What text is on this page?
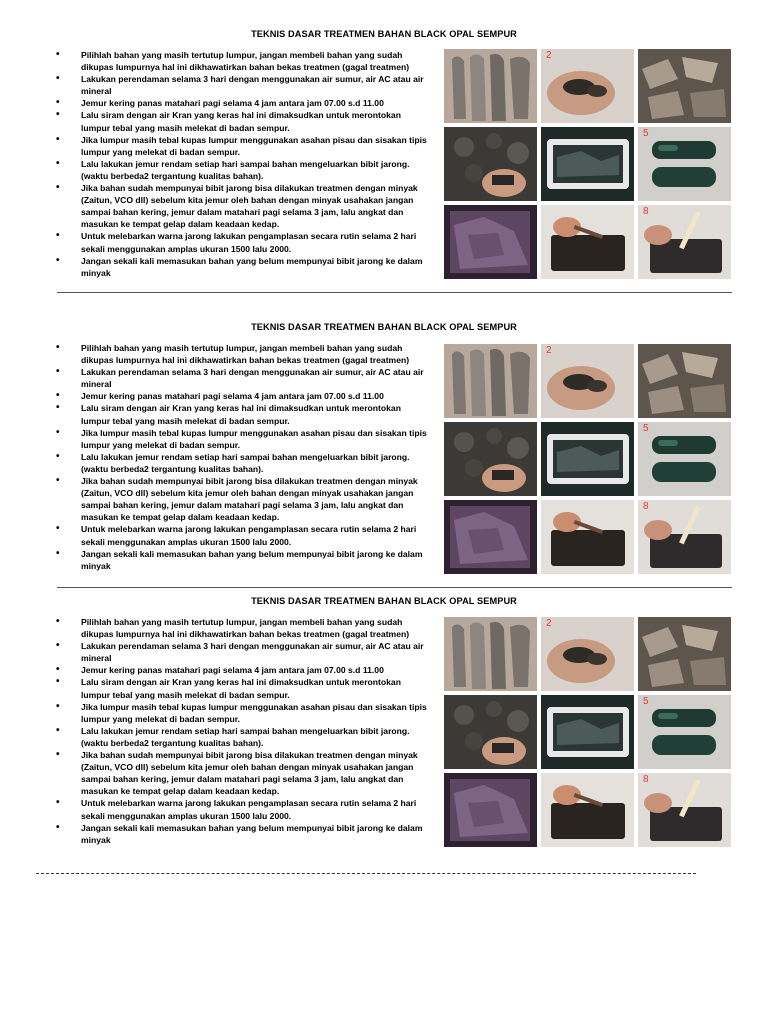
TEKNIS DASAR TREATMEN BAHAN BLACK OPAL SEMPUR
• Pilihlah bahan yang masih tertutup lumpur, jangan membeli bahan yang sudah dikupas lumpurnya hal ini dikhawatirkan bahan bekas treatmen (gagal treatmen)
• Lakukan perendaman selama 3 hari dengan menggunakan air sumur, air AC atau air mineral
• Jemur kering panas matahari pagi selama 4 jam antara jam 07.00 s.d 11.00
• Lalu siram dengan air Kran yang keras hal ini dimaksudkan untuk merontokan lumpur tebal yang masih melekat di badan sempur.
• Jika lumpur masih tebal kupas lumpur menggunakan asahan pisau dan sisakan tipis lumpur yang melekat di badan sempur.
• Lalu lakukan jemur rendam setiap hari sampai bahan mengeluarkan bibit jarong. (waktu berbeda2 tergantung kualitas bahan).
• Jika bahan sudah mempunyai bibit jarong bisa dilakukan treatmen dengan minyak (Zaitun, VCO dll) sebelum kita jemur oleh bahan dengan minyak usahakan jangan sampai bahan kering, jemur dalam matahari pagi selama 3 jam, lalu angkat dan masukan ke tempat gelap dalam keadaan kedap.
• Untuk melebarkan warna jarong lakukan pengamplasan secara rutin selama 2 hari sekali menggunakan amplas ukuran 1500 lalu 2000.
• Jangan sekali kali memasukan bahan yang belum mempunyai bibit jarong ke dalam minyak
2
5
8
TEKNIS DASAR TREATMEN BAHAN BLACK OPAL SEMPUR
• Pilihlah bahan yang masih tertutup lumpur, jangan membeli bahan yang sudah dikupas lumpurnya hal ini dikhawatirkan bahan bekas treatmen (gagal treatmen)
• Lakukan perendaman selama 3 hari dengan menggunakan air sumur, air AC atau air mineral
• Jemur kering panas matahari pagi selama 4 jam antara jam 07.00 s.d 11.00
• Lalu siram dengan air Kran yang keras hal ini dimaksudkan untuk merontokan lumpur tebal yang masih melekat di badan sempur.
• Jika lumpur masih tebal kupas lumpur menggunakan asahan pisau dan sisakan tipis lumpur yang melekat di badan sempur.
• Lalu lakukan jemur rendam setiap hari sampai bahan mengeluarkan bibit jarong. (waktu berbeda2 tergantung kualitas bahan).
• Jika bahan sudah mempunyai bibit jarong bisa dilakukan treatmen dengan minyak (Zaitun, VCO dll) sebelum kita jemur oleh bahan dengan minyak usahakan jangan sampai bahan kering, jemur dalam matahari pagi selama 3 jam, lalu angkat dan masukan ke tempat gelap dalam keadaan kedap.
• Untuk melebarkan warna jarong lakukan pengamplasan secara rutin selama 2 hari sekali menggunakan amplas ukuran 1500 lalu 2000.
• Jangan sekali kali memasukan bahan yang belum mempunyai bibit jarong ke dalam minyak
2
5
8
TEKNIS DASAR TREATMEN BAHAN BLACK OPAL SEMPUR
• Pilihlah bahan yang masih tertutup lumpur, jangan membeli bahan yang sudah dikupas lumpurnya hal ini dikhawatirkan bahan bekas treatmen (gagal treatmen)
• Lakukan perendaman selama 3 hari dengan menggunakan air sumur, air AC atau air mineral
• Jemur kering panas matahari pagi selama 4 jam antara jam 07.00 s.d 11.00
• Lalu siram dengan air Kran yang keras hal ini dimaksudkan untuk merontokan lumpur tebal yang masih melekat di badan sempur.
• Jika lumpur masih tebal kupas lumpur menggunakan asahan pisau dan sisakan tipis lumpur yang melekat di badan sempur.
• Lalu lakukan jemur rendam setiap hari sampai bahan mengeluarkan bibit jarong. (waktu berbeda2 tergantung kualitas bahan).
• Jika bahan sudah mempunyai bibit jarong bisa dilakukan treatmen dengan minyak (Zaitun, VCO dll) sebelum kita jemur oleh bahan dengan minyak usahakan jangan sampai bahan kering, jemur dalam matahari pagi selama 3 jam, lalu angkat dan masukan ke tempat gelap dalam keadaan kedap.
• Untuk melebarkan warna jarong lakukan pengamplasan secara rutin selama 2 hari sekali menggunakan amplas ukuran 1500 lalu 2000.
• Jangan sekali kali memasukan bahan yang belum mempunyai bibit jarong ke dalam minyak
2
5
8
